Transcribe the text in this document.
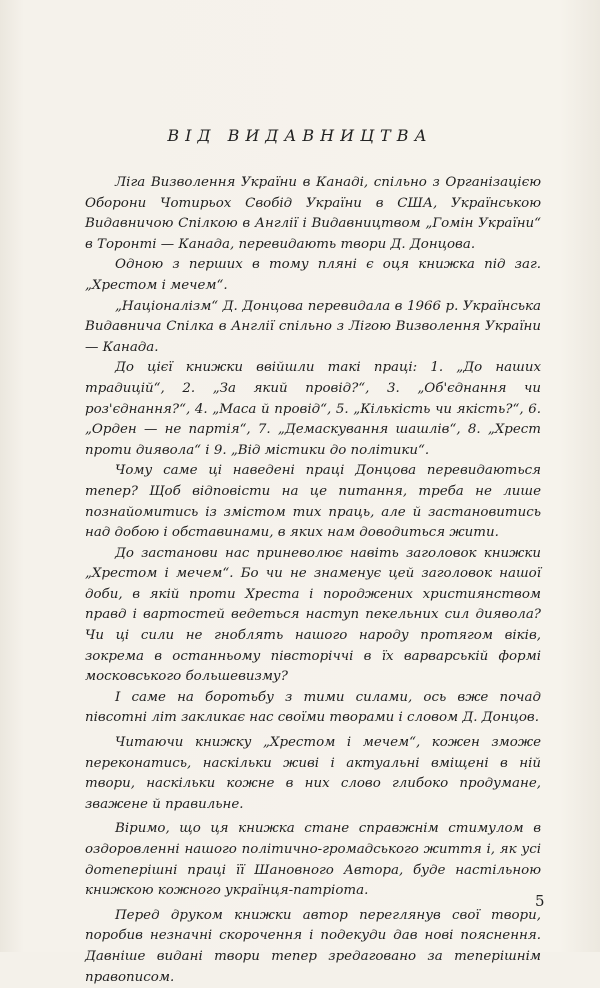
ВІД ВИДАВНИЦТВА

Ліга Визволення України в Канаді, спільно з Організацією Оборони Чотирьох Свобід України в США, Українською Видавничою Спілкою в Англії і Видавництвом „Гомін України“ в Торонті — Канада, перевидають твори Д. Донцова.

Одною з перших в тому пляні є оця книжка під заг. „Хрестом і мечем“.

„Націоналізм“ Д. Донцова перевидала в 1966 р. Українська Видавнича Спілка в Англії спільно з Лігою Визволення України — Канада.

До цієї книжки ввійшли такі праці: 1. „До наших традицій“, 2. „За який провід?“, 3. „Об'єднання чи роз'єднання?“, 4. „Маса й провід“, 5. „Кількість чи якість?“, 6. „Орден — не партія“, 7. „Демаскування шашлів“, 8. „Хрест проти диявола“ і 9. „Від містики до політики“.

Чому саме ці наведені праці Донцова перевидаються тепер? Щоб відповісти на це питання, треба не лише познайомитись із змістом тих праць, але й застановитись над добою і обставинами, в яких нам доводиться жити.

До застанови нас приневолює навіть заголовок книжки „Хрестом і мечем“. Бо чи не знаменує цей заголовок нашої доби, в якій проти Хреста і породжених християнством правд і вартостей ведеться наступ пекельних сил диявола? Чи ці сили не гноблять нашого народу протягом віків, зокрема в останньому півсторіччі в їх варварській формі московського большевизму?

І саме на боротьбу з тими силами, ось вже почад півсотні літ закликає нас своїми творами і словом Д. Донцов.

Читаючи книжку „Хрестом і мечем“, кожен зможе переконатись, наскільки живі і актуальні вміщені в ній твори, наскільки кожне в них слово глибоко продумане, зважене й правильне.

Віримо, що ця книжка стане справжнім стимулом в оздоровленні нашого політично-громадського життя і, як усі дотеперішні праці її Шановного Автора, буде настільною книжкою кожного українця-патріота.

Перед друком книжки автор переглянув свої твори, поробив незначні скорочення і подекуди дав нові пояснення. Давніше видані твори тепер зредаговано за теперішнім правописом.

5
